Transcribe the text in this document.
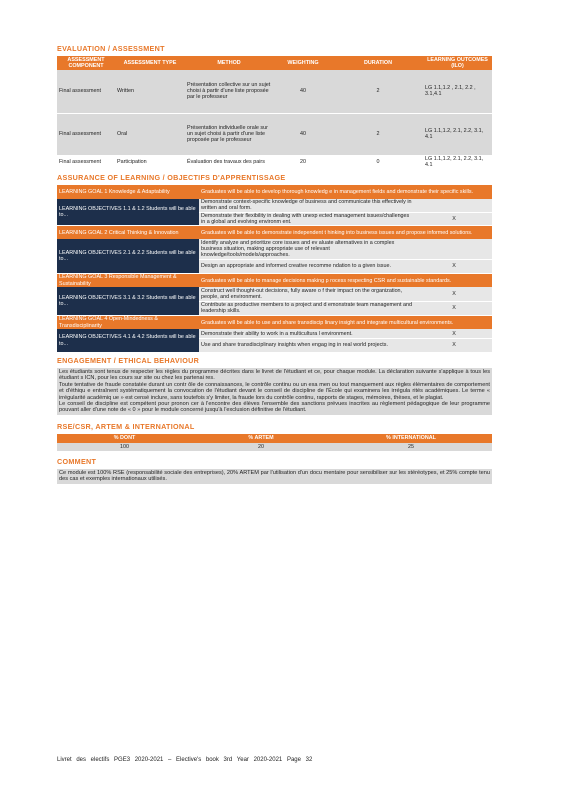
EVALUATION / ASSESSMENT
ASSESSMENT COMPONENT	ASSESSMENT TYPE	METHOD	WEIGHTING	DURATION	LEARNING OUTCOMES (ILO)
Final assessment	Written	Présentation collective sur un sujet choisi à partir d'une liste proposée par le professeur	40	2	LG 1.1,1.2 , 2.1, 2.2 , 3.1,4.1
Final assessment	Oral	Présentation individuelle orale sur un sujet choisi à partir d'une liste proposée par le professeur	40	2	LG 1.1,1.2, 2.1, 2.2, 3.1, 4.1
Final assessment	Participation	Évaluation des travaux des pairs	20	0	LG 1.1,1.2, 2.1, 2.2, 3.1, 4.1
ASSURANCE OF LEARNING / OBJECTIFS D'APPRENTISSAGE
LEARNING GOAL 1 Knowledge & Adaptability	Graduates will be able to develop thorough knowledg e in management fields and demonstrate their specific skills.	
LEARNING OBJECTIVES 1.1 & 1.2 Students will be able to...	Demonstrate context-specific knowledge of business and communicate this effectively in written and oral form.	
	Demonstrate their flexibility in dealing with unexp ected management issues/challenges in a global and evolving environm ent.	X
LEARNING GOAL 2 Critical Thinking & Innovation	Graduates will be able to demonstrate independent t hinking into business issues and propose informed solutions.	
LEARNING OBJECTIVES 2.1 & 2.2 Students will be able to...	Identify analyze and prioritize core issues and ev aluate alternatives in a complex business situation, making appropriate use of relevant knowledge/tools/models/approaches.	
	Design an appropriate and informed creative recomme ndation to a given issue.	X
LEARNING GOAL 3 Responsible Management & Sustainability	Graduates will be able to manage decisions making p rocess respecting CSR and sustainable standards.	
LEARNING OBJECTIVES 3.1 & 3.2 Students will be able to...	Construct well thought-out decisions, fully aware o f their impact on the organization, people, and environment.	X
	Contribute as productive members to a project and d emonstrate team management and leadership skills.	X
LEARNING GOAL 4 Open-Mindedness & Transdisciplinarity	Graduates will be able to use and share transdiscip linary insight and integrate multicultural environments.	
LEARNING OBJECTIVES 4.1 & 4.2 Students will be able to...	Demonstrate their ability to work in a multicultura l environment.	X
	Use and share transdisciplinary insights when engag ing in real world projects.	X
ENGAGEMENT / ETHICAL BEHAVIOUR

Les étudiants sont tenus de respecter les règles du programme décrites dans le livret de l'étudiant et ce, pour chaque module. La déclaration suivante s'applique à tous les étudiant s ICN, pour les cours sur site ou chez les partenai res.

Toute tentative de fraude constatée durant un contr ôle de connaissances, le contrôle continu ou un exa men ou tout manquement aux règles élémentaires de comportement et d'éthiqu e entraînent systématiquement la convocation de l'étudiant devant le conseil de discipline de l'École qui examinera les irrégula rités académiques. Le terme « irrégularité académiq ue » est censé inclure, sans toutefois s'y limiter, la fraude lors du contrôle continu, rapports de stages, mémoires, thèses, et le plagiat.

Le conseil de discipline est compétent pour pronon cer à l'encontre des élèves l'ensemble des sanctions prévues inscrites au règlement pédagogique de leur programme pouvant aller d'une note de « 0 » pour le module concerné jusqu'à l'exclusion définitive de l'étudiant.

RSE/CSR, ARTEM & INTERNATIONAL
% DONT	% ARTEM	% INTERNATIONAL
100	20	25
COMMENT
Ce module est 100% RSE (responsabilité sociale des entreprises), 20% ARTEM par l'utilisation d'un docu mentaire pour sensibiliser sur les stéréotypes, et 25% compte tenu des cas et exemples internationaux utilisés.
Livret des electifs PGE3 2020-2021 – Elective's book 3rd Year 2020-2021 Page 32
